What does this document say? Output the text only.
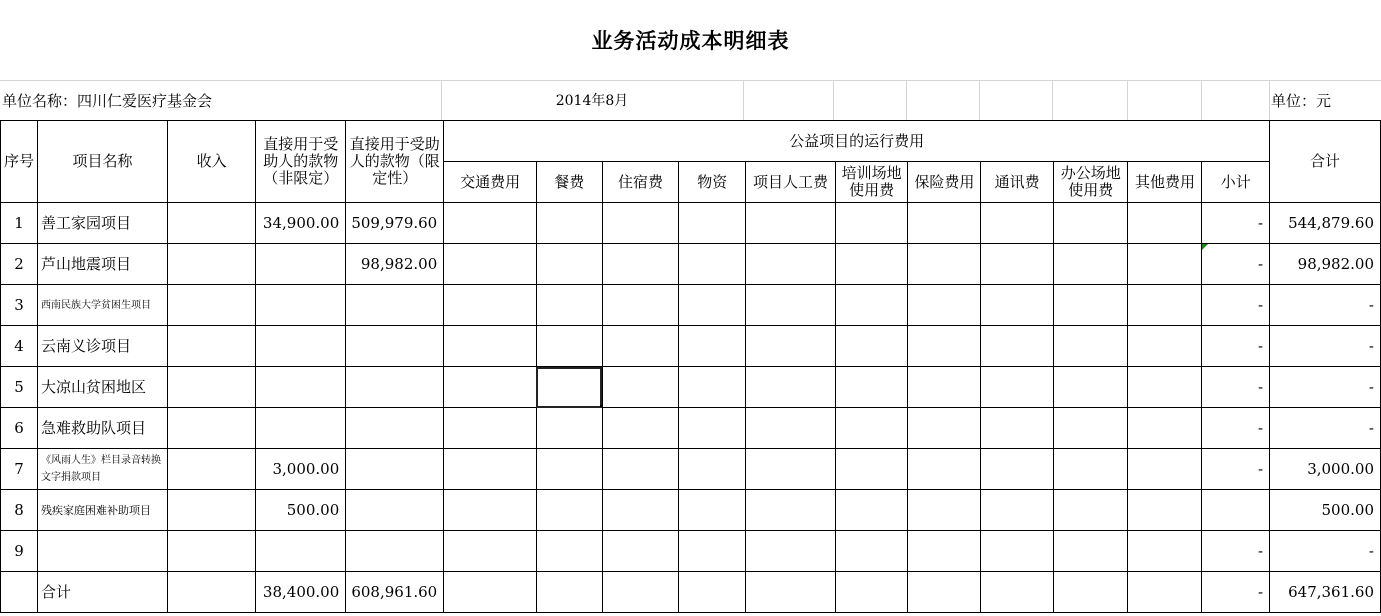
业务活动成本明细表
单位名称：四川仁爱医疗基金会	2014年8月	单位：元
序号	项目名称	收入	直接用于受助人的款物（非限定）	直接用于受助人的款物（限定性）	公益项目的运行费用											合计
					交通费用	餐费	住宿费	物资	项目人工费	培训场地使用费	保险费用	通讯费	办公场地使用费	其他费用	小计	
1	善工家园项目		34,900.00	509,979.60											-	544,879.60
2	芦山地震项目			98,982.00											-	98,982.00
3	西南民族大学贫困生项目														-	-
4	云南义诊项目														-	-
5	大凉山贫困地区														-	-
6	急难救助队项目														-	-
7	《风雨人生》栏目录音转换文字捐款项目		3,000.00												-	3,000.00
8	残疾家庭困难补助项目		500.00													500.00
9															-	-
	合计		38,400.00	608,961.60											-	647,361.60
